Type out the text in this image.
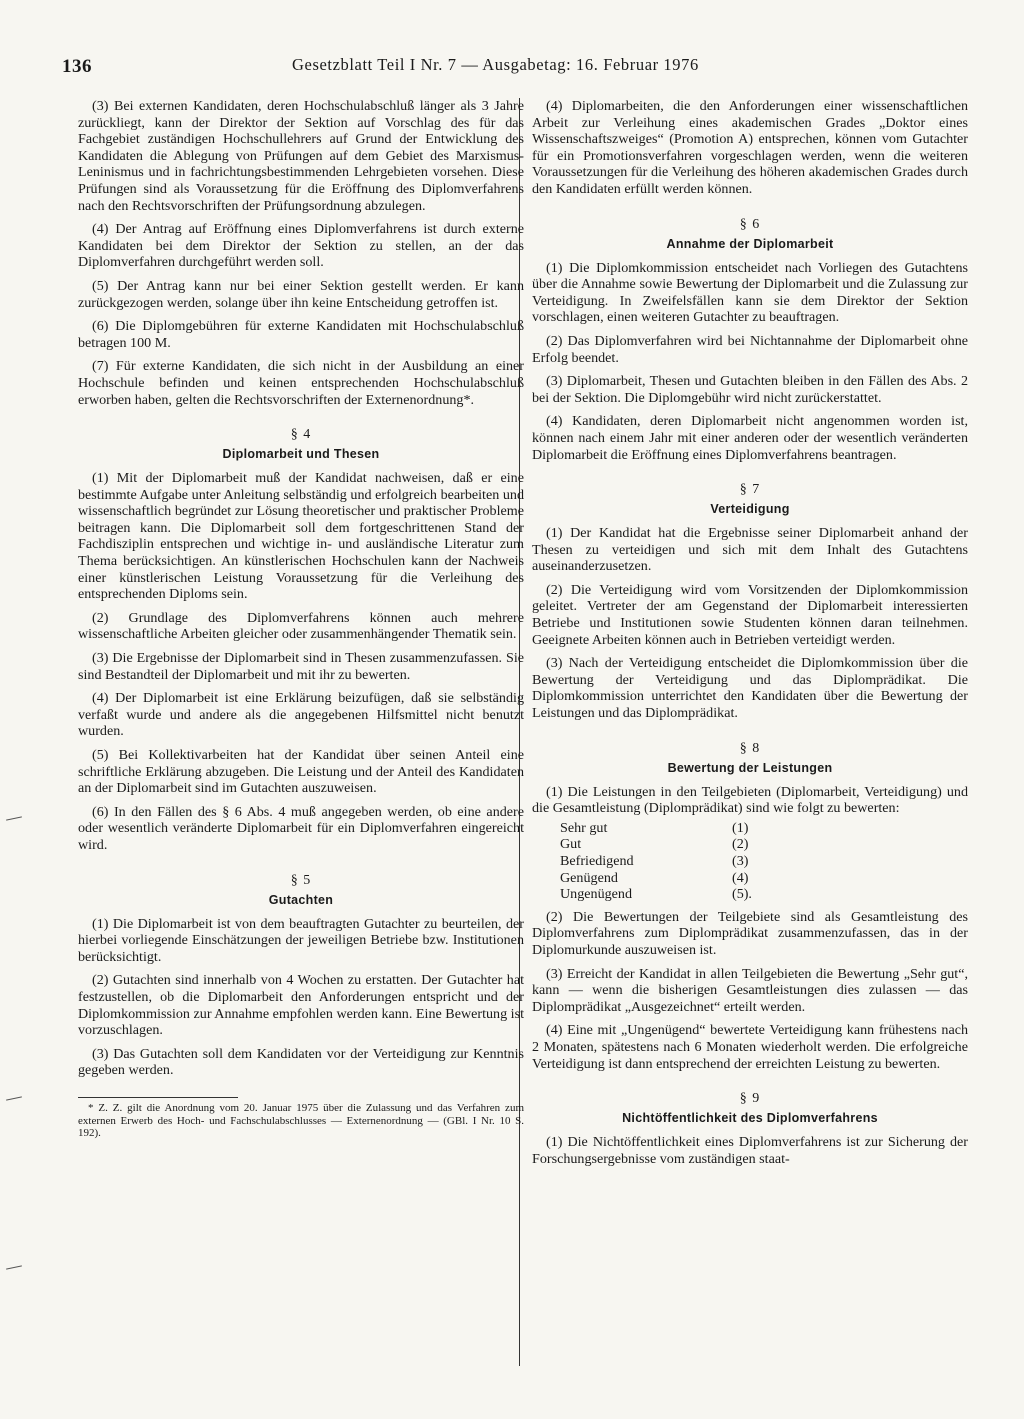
136	Gesetzblatt Teil I Nr. 7 — Ausgabetag: 16. Februar 1976

(3) Bei externen Kandidaten, deren Hochschulabschluß länger als 3 Jahre zurückliegt, kann der Direktor der Sektion auf Vorschlag des für das Fachgebiet zuständigen Hochschullehrers auf Grund der Entwicklung des Kandidaten die Ablegung von Prüfungen auf dem Gebiet des Marxismus-Leninismus und in fachrichtungsbestimmenden Lehrgebieten vorsehen. Diese Prüfungen sind als Voraussetzung für die Eröffnung des Diplomverfahrens nach den Rechtsvorschriften der Prüfungsordnung abzulegen.

(4) Der Antrag auf Eröffnung eines Diplomverfahrens ist durch externe Kandidaten bei dem Direktor der Sektion zu stellen, an der das Diplomverfahren durchgeführt werden soll.

(5) Der Antrag kann nur bei einer Sektion gestellt werden. Er kann zurückgezogen werden, solange über ihn keine Entscheidung getroffen ist.

(6) Die Diplomgebühren für externe Kandidaten mit Hochschulabschluß betragen 100 M.

(7) Für externe Kandidaten, die sich nicht in der Ausbildung an einer Hochschule befinden und keinen entsprechenden Hochschulabschluß erworben haben, gelten die Rechtsvorschriften der Externenordnung*.

§ 4
Diplomarbeit und Thesen

(1) Mit der Diplomarbeit muß der Kandidat nachweisen, daß er eine bestimmte Aufgabe unter Anleitung selbständig und erfolgreich bearbeiten und wissenschaftlich begründet zur Lösung theoretischer und praktischer Probleme beitragen kann. Die Diplomarbeit soll dem fortgeschrittenen Stand der Fachdisziplin entsprechen und wichtige in- und ausländische Literatur zum Thema berücksichtigen. An künstlerischen Hochschulen kann der Nachweis einer künstlerischen Leistung Voraussetzung für die Verleihung des entsprechenden Diploms sein.

(2) Grundlage des Diplomverfahrens können auch mehrere wissenschaftliche Arbeiten gleicher oder zusammenhängender Thematik sein.

(3) Die Ergebnisse der Diplomarbeit sind in Thesen zusammenzufassen. Sie sind Bestandteil der Diplomarbeit und mit ihr zu bewerten.

(4) Der Diplomarbeit ist eine Erklärung beizufügen, daß sie selbständig verfaßt wurde und andere als die angegebenen Hilfsmittel nicht benutzt wurden.

(5) Bei Kollektivarbeiten hat der Kandidat über seinen Anteil eine schriftliche Erklärung abzugeben. Die Leistung und der Anteil des Kandidaten an der Diplomarbeit sind im Gutachten auszuweisen.

(6) In den Fällen des § 6 Abs. 4 muß angegeben werden, ob eine andere oder wesentlich veränderte Diplomarbeit für ein Diplomverfahren eingereicht wird.

§ 5
Gutachten

(1) Die Diplomarbeit ist von dem beauftragten Gutachter zu beurteilen, der hierbei vorliegende Einschätzungen der jeweiligen Betriebe bzw. Institutionen berücksichtigt.

(2) Gutachten sind innerhalb von 4 Wochen zu erstatten. Der Gutachter hat festzustellen, ob die Diplomarbeit den Anforderungen entspricht und der Diplomkommission zur Annahme empfohlen werden kann. Eine Bewertung ist vorzuschlagen.

(3) Das Gutachten soll dem Kandidaten vor der Verteidigung zur Kenntnis gegeben werden.

* Z. Z. gilt die Anordnung vom 20. Januar 1975 über die Zulassung und das Verfahren zum externen Erwerb des Hoch- und Fachschulabschlusses — Externenordnung — (GBl. I Nr. 10 S. 192).

(4) Diplomarbeiten, die den Anforderungen einer wissenschaftlichen Arbeit zur Verleihung eines akademischen Grades „Doktor eines Wissenschaftszweiges“ (Promotion A) entsprechen, können vom Gutachter für ein Promotionsverfahren vorgeschlagen werden, wenn die weiteren Voraussetzungen für die Verleihung des höheren akademischen Grades durch den Kandidaten erfüllt werden können.

§ 6
Annahme der Diplomarbeit

(1) Die Diplomkommission entscheidet nach Vorliegen des Gutachtens über die Annahme sowie Bewertung der Diplomarbeit und die Zulassung zur Verteidigung. In Zweifelsfällen kann sie dem Direktor der Sektion vorschlagen, einen weiteren Gutachter zu beauftragen.

(2) Das Diplomverfahren wird bei Nichtannahme der Diplomarbeit ohne Erfolg beendet.

(3) Diplomarbeit, Thesen und Gutachten bleiben in den Fällen des Abs. 2 bei der Sektion. Die Diplomgebühr wird nicht zurückerstattet.

(4) Kandidaten, deren Diplomarbeit nicht angenommen worden ist, können nach einem Jahr mit einer anderen oder der wesentlich veränderten Diplomarbeit die Eröffnung eines Diplomverfahrens beantragen.

§ 7
Verteidigung

(1) Der Kandidat hat die Ergebnisse seiner Diplomarbeit anhand der Thesen zu verteidigen und sich mit dem Inhalt des Gutachtens auseinanderzusetzen.

(2) Die Verteidigung wird vom Vorsitzenden der Diplomkommission geleitet. Vertreter der am Gegenstand der Diplomarbeit interessierten Betriebe und Institutionen sowie Studenten können daran teilnehmen. Geeignete Arbeiten können auch in Betrieben verteidigt werden.

(3) Nach der Verteidigung entscheidet die Diplomkommission über die Bewertung der Verteidigung und das Diplomprädikat. Die Diplomkommission unterrichtet den Kandidaten über die Bewertung der Leistungen und das Diplomprädikat.

§ 8
Bewertung der Leistungen

(1) Die Leistungen in den Teilgebieten (Diplomarbeit, Verteidigung) und die Gesamtleistung (Diplomprädikat) sind wie folgt zu bewerten:

Sehr gut	(1)
Gut	(2)
Befriedigend	(3)
Genügend	(4)
Ungenügend	(5).

(2) Die Bewertungen der Teilgebiete sind als Gesamtleistung des Diplomverfahrens zum Diplomprädikat zusammenzufassen, das in der Diplomurkunde auszuweisen ist.

(3) Erreicht der Kandidat in allen Teilgebieten die Bewertung „Sehr gut“, kann — wenn die bisherigen Gesamtleistungen dies zulassen — das Diplomprädikat „Ausgezeichnet“ erteilt werden.

(4) Eine mit „Ungenügend“ bewertete Verteidigung kann frühestens nach 2 Monaten, spätestens nach 6 Monaten wiederholt werden. Die erfolgreiche Verteidigung ist dann entsprechend der erreichten Leistung zu bewerten.

§ 9
Nichtöffentlichkeit des Diplomverfahrens

(1) Die Nichtöffentlichkeit eines Diplomverfahrens ist zur Sicherung der Forschungsergebnisse vom zuständigen staat-
